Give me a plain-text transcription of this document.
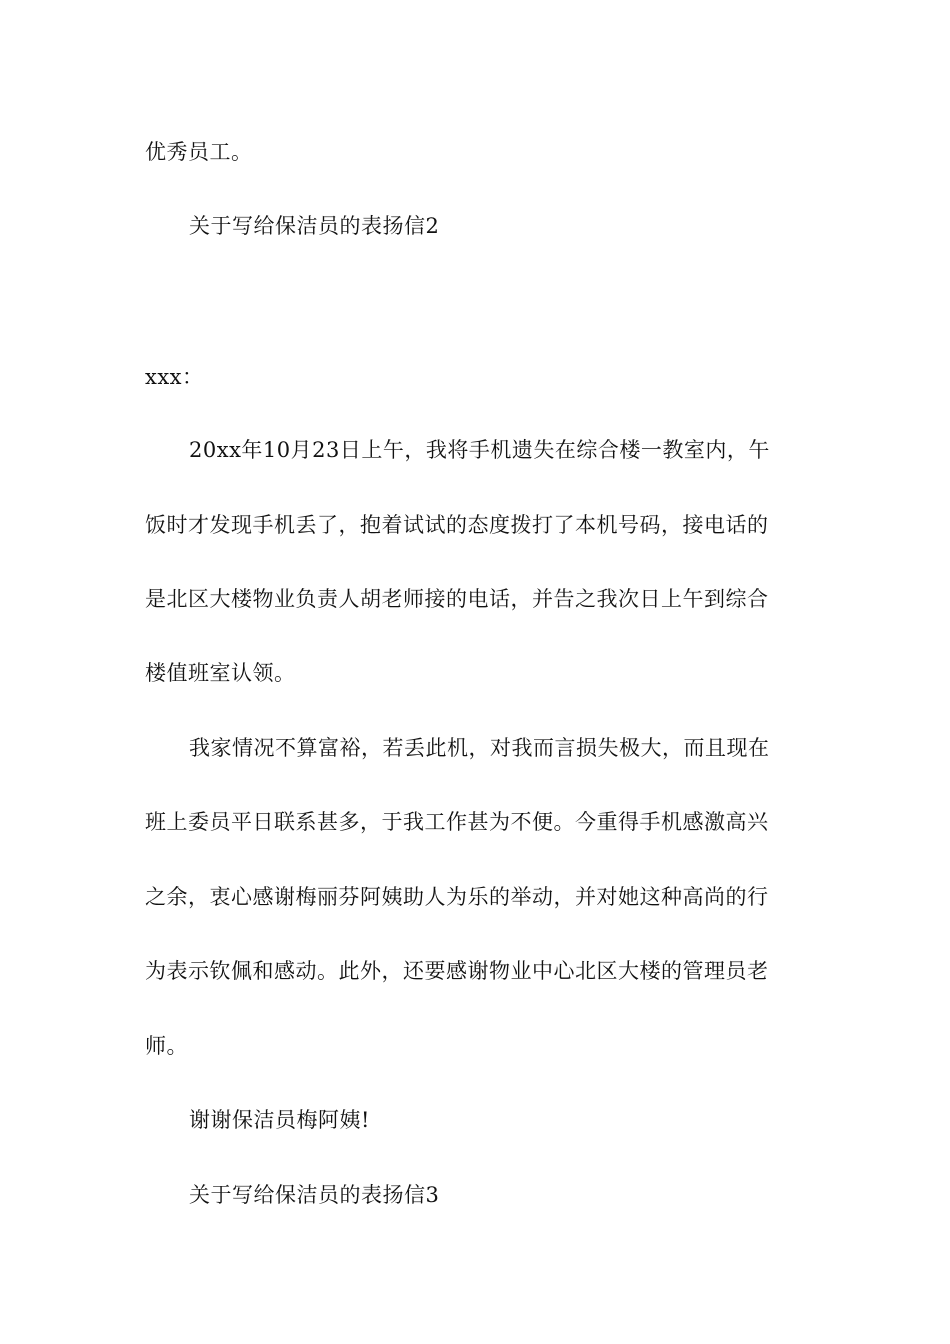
优秀员工。
关于写给保洁员的表扬信2
xxx：
20xx年10月23日上午，我将手机遗失在综合楼一教室内，午
饭时才发现手机丢了，抱着试试的态度拨打了本机号码，接电话的
是北区大楼物业负责人胡老师接的电话，并告之我次日上午到综合
楼值班室认领。
我家情况不算富裕，若丢此机，对我而言损失极大，而且现在
班上委员平日联系甚多，于我工作甚为不便。今重得手机感激高兴
之余，衷心感谢梅丽芬阿姨助人为乐的举动，并对她这种高尚的行
为表示钦佩和感动。此外，还要感谢物业中心北区大楼的管理员老
师。
谢谢保洁员梅阿姨!
关于写给保洁员的表扬信3
